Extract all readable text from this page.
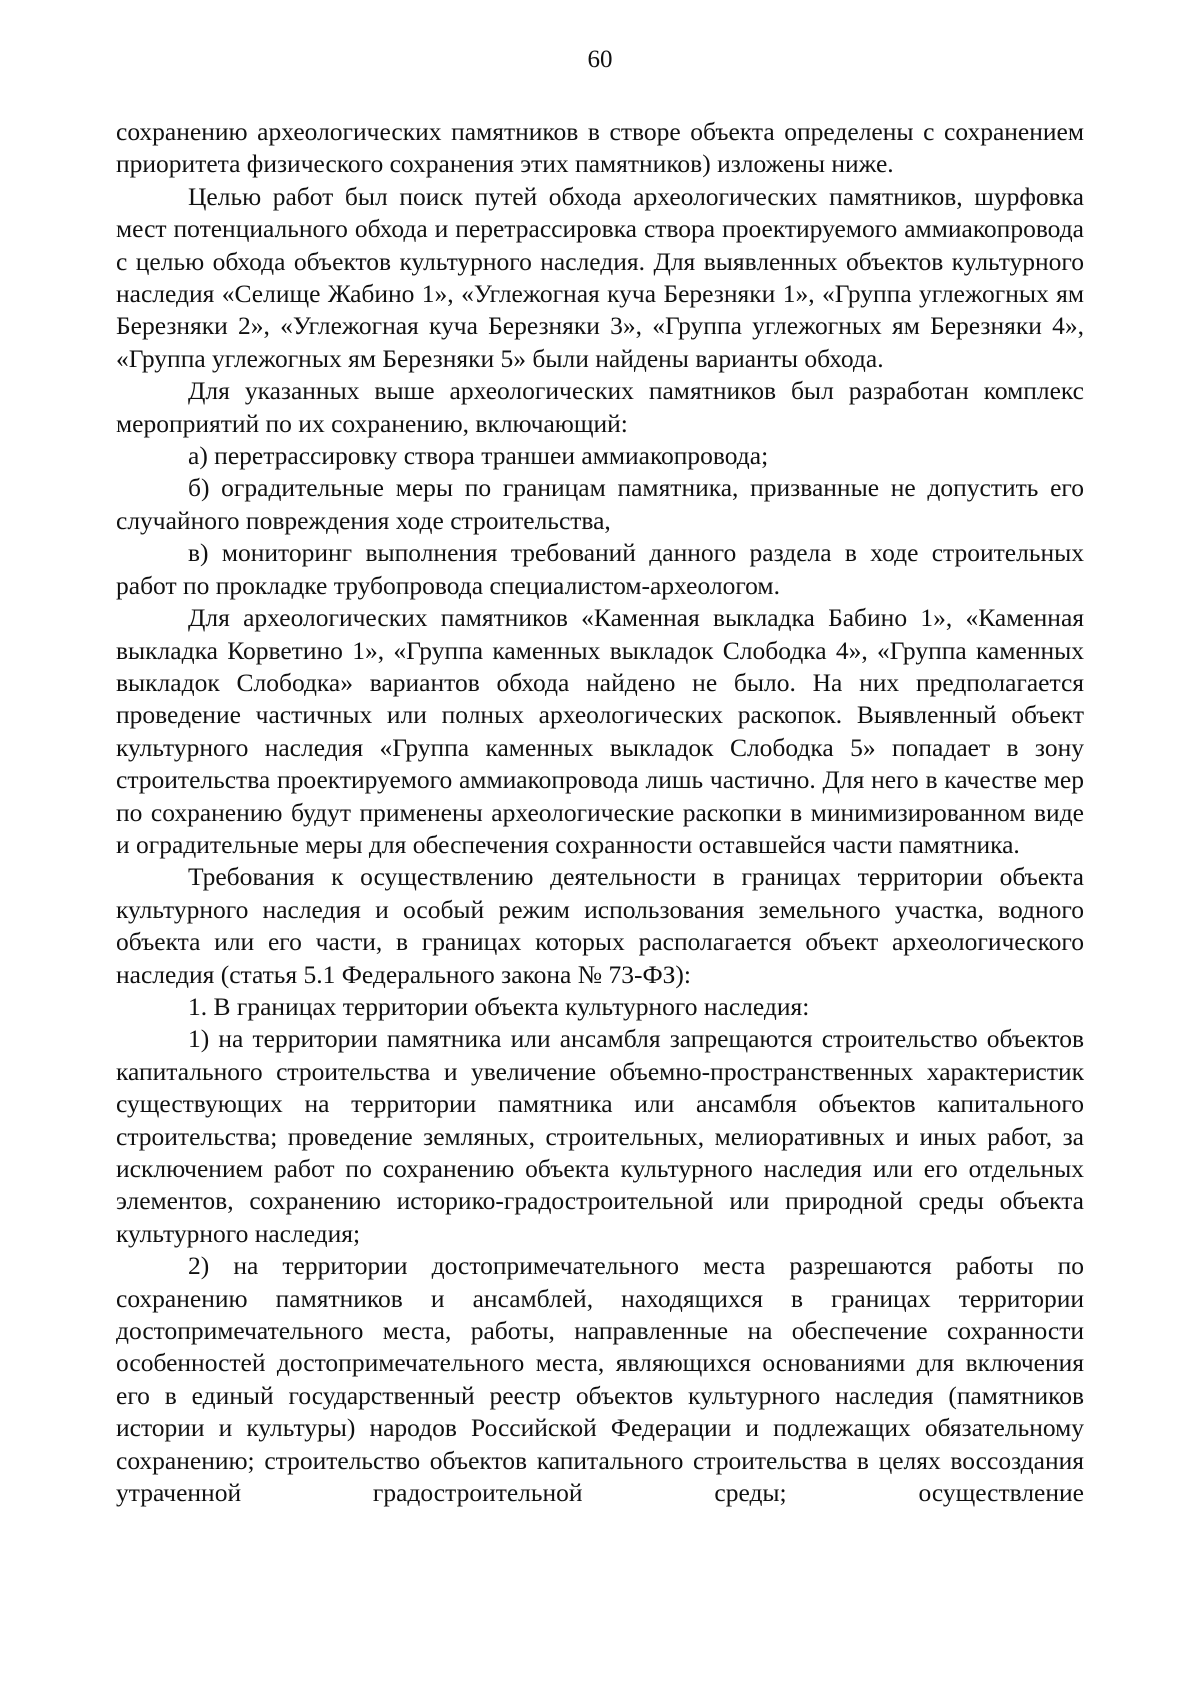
60

сохранению археологических памятников в створе объекта определены с сохранением приоритета физического сохранения этих памятников) изложены ниже.

Целью работ был поиск путей обхода археологических памятников, шурфовка мест потенциального обхода и перетрассировка створа проектируемого аммиакопровода с целью обхода объектов культурного наследия. Для выявленных объектов культурного наследия «Селище Жабино 1», «Углежогная куча Березняки 1», «Группа углежогных ям Березняки 2», «Углежогная куча Березняки 3», «Группа углежогных ям Березняки 4», «Группа углежогных ям Березняки 5» были найдены варианты обхода.

Для указанных выше археологических памятников был разработан комплекс мероприятий по их сохранению, включающий:

а) перетрассировку створа траншеи аммиакопровода;

б) оградительные меры по границам памятника, призванные не допустить его случайного повреждения ходе строительства,

в) мониторинг выполнения требований данного раздела в ходе строительных работ по прокладке трубопровода специалистом-археологом.

Для археологических памятников «Каменная выкладка Бабино 1», «Каменная выкладка Корветино 1», «Группа каменных выкладок Слободка 4», «Группа каменных выкладок Слободка» вариантов обхода найдено не было. На них предполагается проведение частичных или полных археологических раскопок. Выявленный объект культурного наследия «Группа каменных выкладок Слободка 5» попадает в зону строительства проектируемого аммиакопровода лишь частично. Для него в качестве мер по сохранению будут применены археологические раскопки в минимизированном виде и оградительные меры для обеспечения сохранности оставшейся части памятника.

Требования к осуществлению деятельности в границах территории объекта культурного наследия и особый режим использования земельного участка, водного объекта или его части, в границах которых располагается объект археологического наследия (статья 5.1 Федерального закона № 73-ФЗ):

1. В границах территории объекта культурного наследия:

1) на территории памятника или ансамбля запрещаются строительство объектов капитального строительства и увеличение объемно-пространственных характеристик существующих на территории памятника или ансамбля объектов капитального строительства; проведение земляных, строительных, мелиоративных и иных работ, за исключением работ по сохранению объекта культурного наследия или его отдельных элементов, сохранению историко-градостроительной или природной среды объекта культурного наследия;

2) на территории достопримечательного места разрешаются работы по сохранению памятников и ансамблей, находящихся в границах территории достопримечательного места, работы, направленные на обеспечение сохранности особенностей достопримечательного места, являющихся основаниями для включения его в единый государственный реестр объектов культурного наследия (памятников истории и культуры) народов Российской Федерации и подлежащих обязательному сохранению; строительство объектов капитального строительства в целях воссоздания утраченной градостроительной среды; осуществление
